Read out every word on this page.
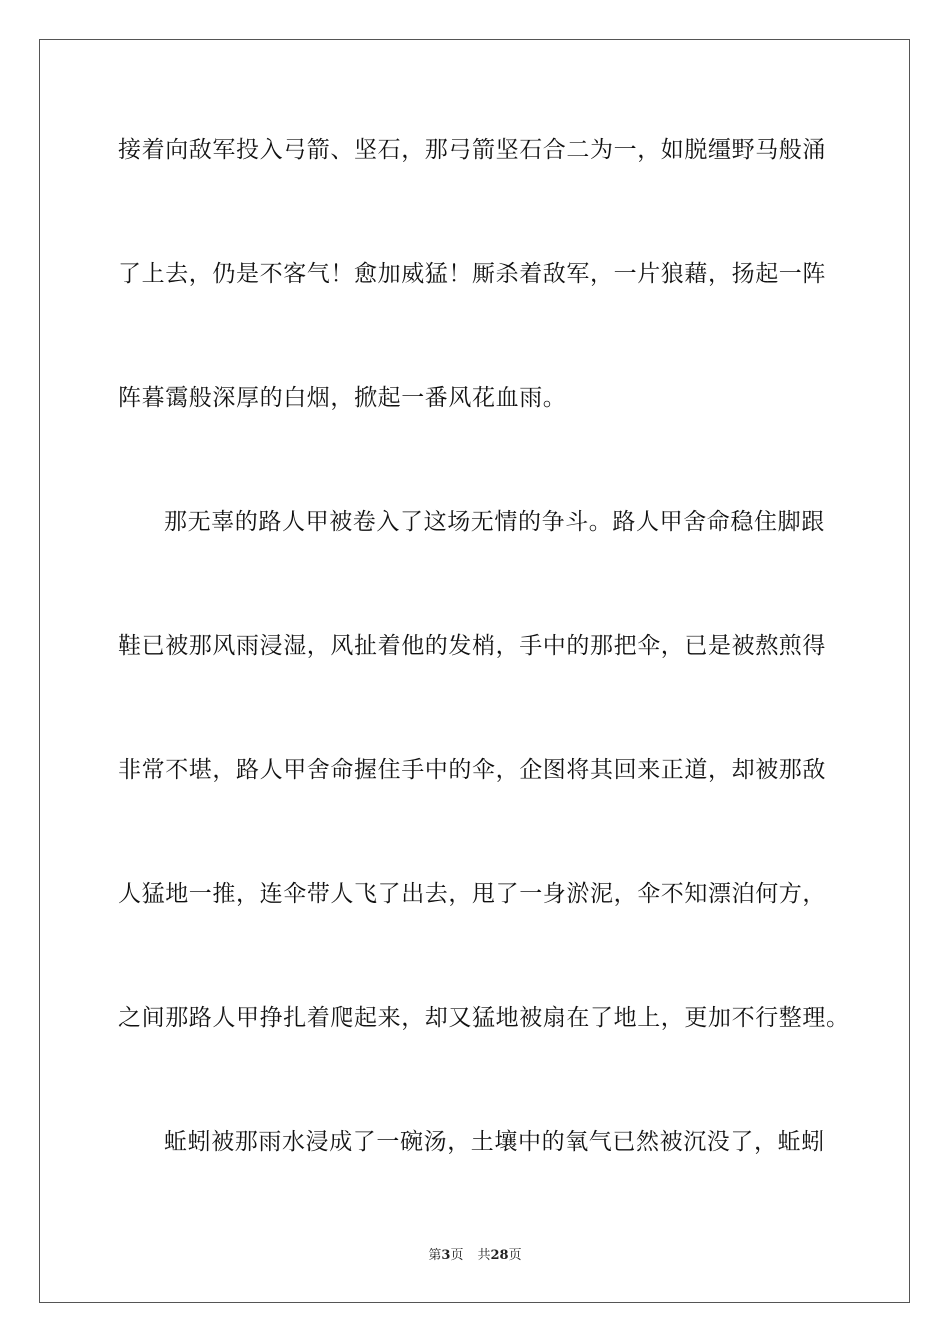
接着向敌军投入弓箭、坚石，那弓箭坚石合二为一，如脱缰野马般涌
了上去，仍是不客气！愈加威猛！厮杀着敌军，一片狼藉，扬起一阵
阵暮霭般深厚的白烟，掀起一番风花血雨。
那无辜的路人甲被卷入了这场无情的争斗。路人甲舍命稳住脚跟
鞋已被那风雨浸湿，风扯着他的发梢，手中的那把伞，已是被熬煎得
非常不堪，路人甲舍命握住手中的伞，企图将其回来正道，却被那敌
人猛地一推，连伞带人飞了出去，甩了一身淤泥，伞不知漂泊何方，
之间那路人甲挣扎着爬起来，却又猛地被扇在了地上，更加不行整理。
蚯蚓被那雨水浸成了一碗汤，土壤中的氧气已然被沉没了，蚯蚓
第3页 共28页
